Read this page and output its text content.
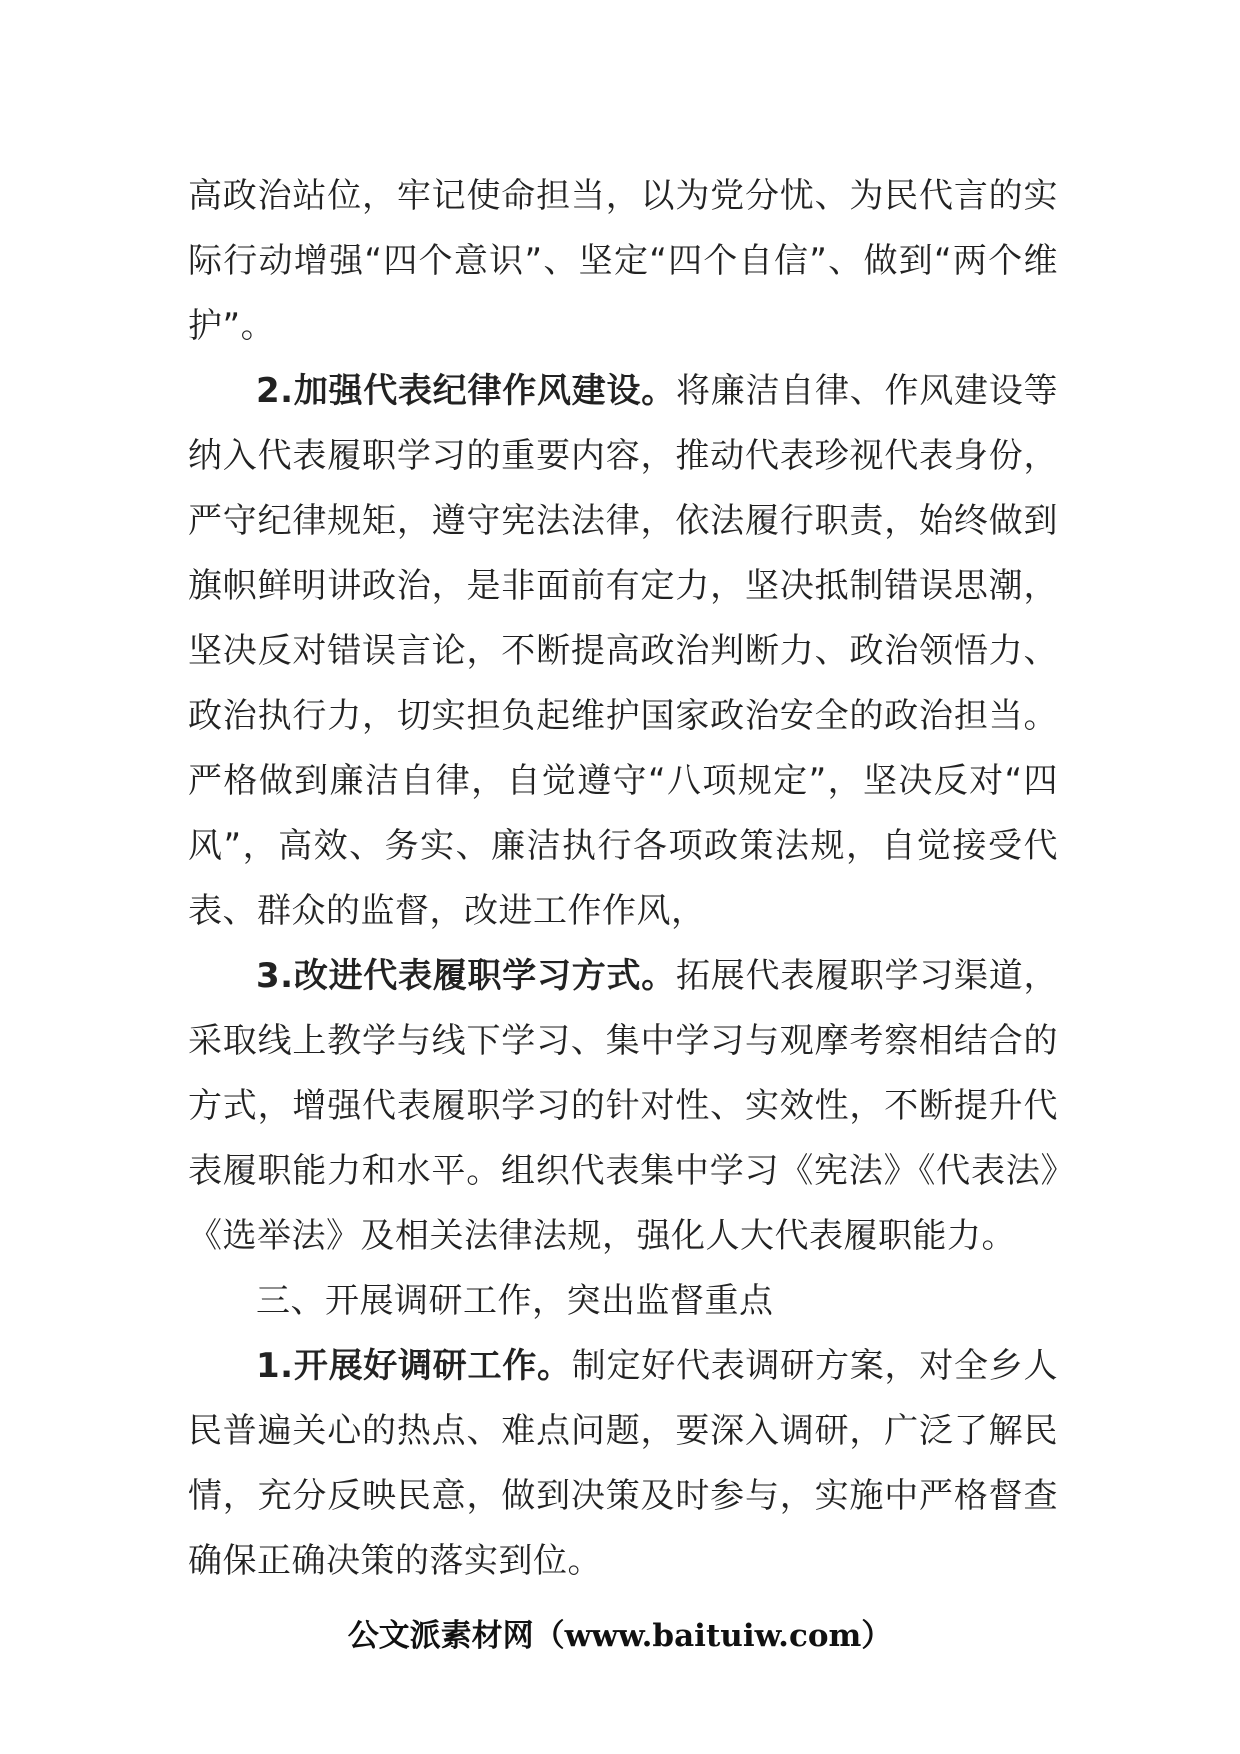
高政治站位，牢记使命担当，以为党分忧、为民代言的实际行动增强“四个意识”、坚定“四个自信”、做到“两个维护”。

2.加强代表纪律作风建设。将廉洁自律、作风建设等纳入代表履职学习的重要内容，推动代表珍视代表身份，严守纪律规矩，遵守宪法法律，依法履行职责，始终做到旗帜鲜明讲政治，是非面前有定力，坚决抵制错误思潮，坚决反对错误言论，不断提高政治判断力、政治领悟力、政治执行力，切实担负起维护国家政治安全的政治担当。严格做到廉洁自律，自觉遵守“八项规定”，坚决反对“四风”，高效、务实、廉洁执行各项政策法规，自觉接受代表、群众的监督，改进工作作风，

3.改进代表履职学习方式。拓展代表履职学习渠道，采取线上教学与线下学习、集中学习与观摩考察相结合的方式，增强代表履职学习的针对性、实效性，不断提升代表履职能力和水平。组织代表集中学习《宪法》《代表法》《选举法》及相关法律法规，强化人大代表履职能力。

三、开展调研工作，突出监督重点

1.开展好调研工作。制定好代表调研方案，对全乡人民普遍关心的热点、难点问题，要深入调研，广泛了解民情，充分反映民意，做到决策及时参与，实施中严格督查确保正确决策的落实到位。

公文派素材网（www.baituiw.com）
